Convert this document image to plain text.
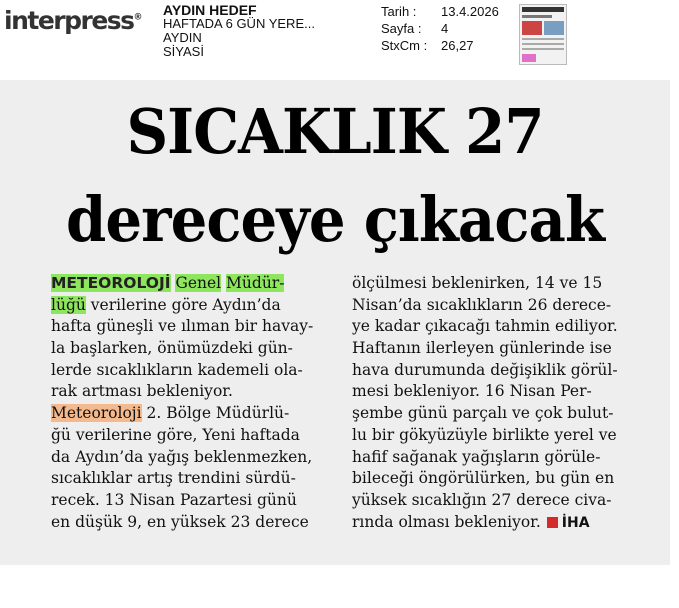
interpress® AYDIN HEDEF
HAFTADA 6 GÜN YERE...
AYDIN
SİYASİ
Tarih :	13.4.2026
Sayfa :	4
StxCm :	26,27
SICAKLIK 27
dereceye çıkacak
METEOROLOJİ Genel Müdür-
lüğü verilerine göre Aydın’da
hafta güneşli ve ılıman bir havay-
la başlarken, önümüzdeki gün-
lerde sıcaklıkların kademeli ola-
rak artması bekleniyor.
Meteoroloji 2. Bölge Müdürlü-
ğü verilerine göre, Yeni haftada
da Aydın’da yağış beklenmezken,
sıcaklıklar artış trendini sürdü-
recek. 13 Nisan Pazartesi günü
en düşük 9, en yüksek 23 derece
ölçülmesi beklenirken, 14 ve 15
Nisan’da sıcaklıkların 26 derece-
ye kadar çıkacağı tahmin ediliyor.
Haftanın ilerleyen günlerinde ise
hava durumunda değişiklik görül-
mesi bekleniyor. 16 Nisan Per-
şembe günü parçalı ve çok bulut-
lu bir gökyüzüyle birlikte yerel ve
hafif sağanak yağışların görüle-
bileceği öngörülürken, bu gün en
yüksek sıcaklığın 27 derece civa-
rında olması bekleniyor. İHA
